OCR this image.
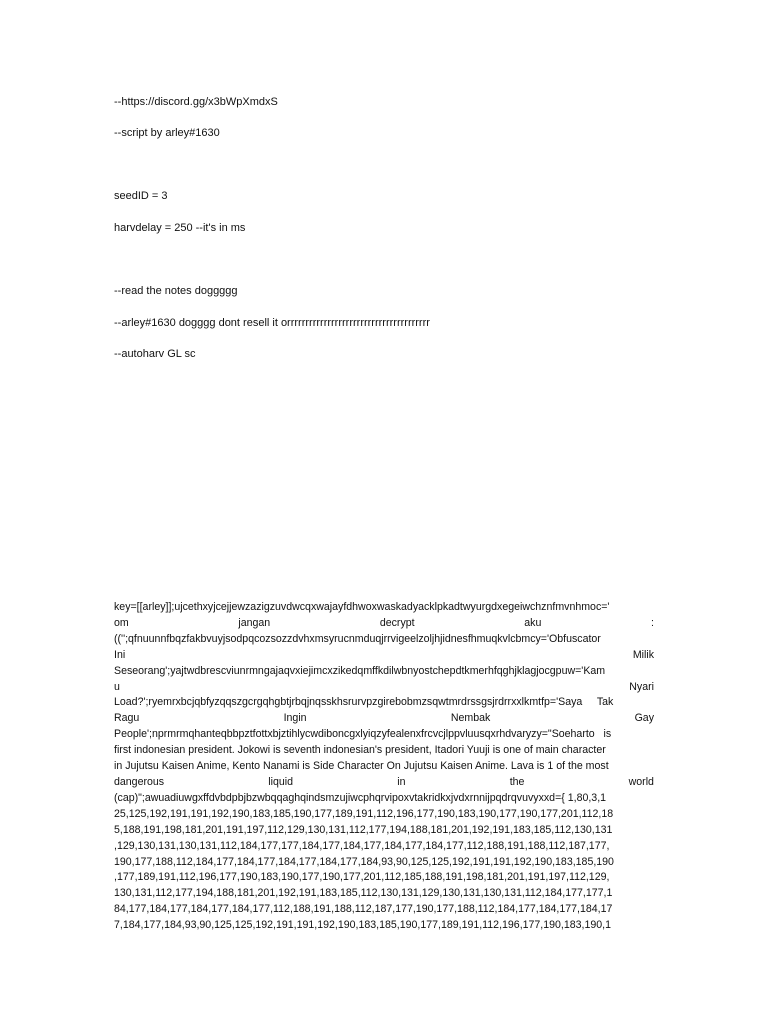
--https://discord.gg/x3bWpXmdxS
--script by arley#1630
seedID = 3
harvdelay = 250 --it's in ms
--read the notes doggggg
--arley#1630 dogggg dont resell it orrrrrrrrrrrrrrrrrrrrrrrrrrrrrrrrrrrrrrr
--autoharv GL sc
key=[[arley]];ujcethxyjcejjewzazigzuvdwcqxwajayfdhwoxwaskadyacklpkadtwyurgdxegeiwchznfmvnhmoc='
om	jangan	decrypt	aku	:
(('';qfnuunnfbqzfakbvuyjsodpqcozsozzdvhxmsyrucnmduqjrrvigeelzoljhjidnesfhmuqkvlcbmcy='Obfuscator
Ini	Milik
Seseorang';yajtwdbrescviunrmngajaqvxiejimcxzikedqmffkdilwbnyostchepdtkmerhfqghjklagjocgpuw='Kam
u	Nyari
Load?';ryemrxbcjqbfyzqqszgcrgqhgbtjrbqjnqsskhsrurvpzgirebobmzsqwtmrdrssgsjrdrrxxlkmtfp='Saya     Tak
Ragu	Ingin	Nembak	Gay
People';nprmrmqhanteqbbpztfottxbjztihlycwdiboncgxlyiqzyfealenxfrcvcjlppvluusqxrhdvaryzy="Soeharto   is
first indonesian president. Jokowi is seventh indonesian's president, Itadori Yuuji is one of main character
in Jujutsu Kaisen Anime, Kento Nanami is Side Character On Jujutsu Kaisen Anime. Lava is 1 of the most
dangerous	liquid	in	the	world
(cap)";awuadiuwgxffdvbdpbjbzwbqqaghqindsmzujiwcphqrvipoxvtakridkxjvdxrnnijpqdrqvuvyxxd={ 1,80,3,1
25,125,192,191,191,192,190,183,185,190,177,189,191,112,196,177,190,183,190,177,190,177,201,112,18
5,188,191,198,181,201,191,197,112,129,130,131,112,177,194,188,181,201,192,191,183,185,112,130,131
,129,130,131,130,131,112,184,177,177,184,177,184,177,184,177,184,177,112,188,191,188,112,187,177,
190,177,188,112,184,177,184,177,184,177,184,177,184,93,90,125,125,192,191,191,192,190,183,185,190
,177,189,191,112,196,177,190,183,190,177,190,177,201,112,185,188,191,198,181,201,191,197,112,129,
130,131,112,177,194,188,181,201,192,191,183,185,112,130,131,129,130,131,130,131,112,184,177,177,1
84,177,184,177,184,177,184,177,112,188,191,188,112,187,177,190,177,188,112,184,177,184,177,184,17
7,184,177,184,93,90,125,125,192,191,191,192,190,183,185,190,177,189,191,112,196,177,190,183,190,1
